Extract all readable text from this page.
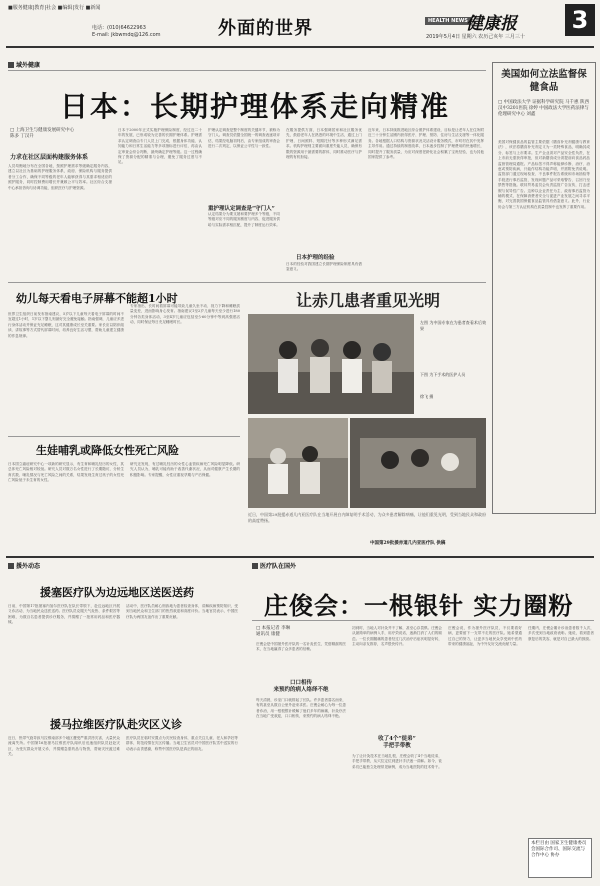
■服务健康|教育|社会 ■编辑|发行 ■新闻
电话：(010)64622963
E-mail: jkbwmdq@126.com	外面的世界	HEALTH NEWS
健康报 3
2019年5月4日 星期六 农历己亥年 三月三十
域外健康
日本：长期护理体系走向精准
□ 上海卫生与健康发展研究中心
陈多 丁汉升
力求在社区层面构建服务体系
人员均衡地分布在全国各地，按照护理需求等级确定服务内容，建立以社区为基础的护理服务体系，政府、保险机构与服务提供者分工合作，确保不同等级的老年人能够获得与其需求相适应的照护服务，同时控制费用增长并兼顾公平与效率。社区综合支援中心承担咨询与协调功能，组织医疗与护理资源。
日本于2000年正式实施护理保险制度，经过近二十年的发展，已形成较为完善的长期护理体系。护理需求认定调查由专门人员上门完成，根据身体功能、认知能力和日常生活能力等多项指标进行评估，再由认定审查会综合判断，最终确定护理等级。这一过程确保了资源分配的精准与合理，避免了服务过度与不足。
重护理认定调查是“守门人”
护理认定调查是整个制度的关键环节，被称为守门人。调查员依据全国统一的调查表逐项评估，结果经电脑初判后，由专家组成的审查会进行二次判定，以保证公平性与一致性。
认定结果分为要支援和要护理多个等级，不同等级对应不同的服务额度与内容，促进服务供给与实际需求相匹配，提升了制度运行效率。
在服务提供方面，日本强调居家和社区服务优先，鼓励老年人在熟悉的环境中生活，通过上门护理、日间照料、短期托付等多种形式满足需求。机构护理则主要面向重度失能人员，确保有限的资源用于最需要的群体，同时推动医疗与护理的有机衔接。
日本护理的经验
日本的经验对我国建立长期护理保险制度具有借鉴意义。
近年来，日本持续推进地区综合照护体系建设，目标是让老年人在住所附近三十分钟生活圈内获得医疗、护理、预防、住房与生活支援等一体化服务。各地根据人口结构与资源状况灵活设计服务模式，市町村在其中发挥主导作用。通过持续的制度改革，日本逐步控制了护理费用的快速增长，同时提升了服务质量，为应对深度老龄化社会积累了宝贵经验，也为其他国家提供了参考。
美国如何立法监督保健食品
□ 中国政法大学 证据科学研究院 马千惠 陕西汉中3201医院 徐婷 中国政法大学医药法律与伦理研究中心 刘鑫
美国对保健食品的监管主要依据《膳食补充剂健康与教育法》，该法将膳食补充剂定义为一类特殊食品，明确其成分、标签与上市要求。生产企业须对产品安全性负责，在上市前无需获得审批，但对新膳食成分须提前向食品药品监督管理局通报。产品标签不得声称能够诊断、治疗、治愈或预防疾病，只能作结构功能声明，并需附免责说明。监管部门通过现场检查、不良事件报告系统和市场抽检等手段进行事后监管，发现问题产品可采取警告、召回乃至禁售等措施。联邦贸易委员会负责监管广告宣传，打击虚假与误导性广告。这种以企业责任为主、政府事后监管为辅的模式，在保障消费者安全与促进产业发展之间寻求平衡，对完善我国保健食品监管具有借鉴意义。此外，行业协会与第三方认证机构在质量控制中也发挥了重要作用。
幼儿每天看电子屏幕不能超1小时
世界卫生组织日前发布指南建议，5岁以下儿童每天看电子屏幕的时间不宜超过1小时，1岁以下婴儿则最好完全避免接触。指南强调，儿童应多进行身体活动并保证充足睡眠，这对其健康成长至关重要。家长应以陪伴阅读、讲故事等方式替代屏幕时间，培养良好生活习惯，帮助儿童建立健康的作息规律。
专家指出，长时间看屏幕可能导致儿童久坐不动、视力下降和睡眠质量变差，进而影响身心发育。指南建议1至2岁儿童每天至少进行180分钟各类身体活动，3至4岁儿童应包括至少60分钟中等到高强度活动，同时保证每日充足睡眠时长。
生娃哺乳或降低女性死亡风险
日本国立癌症研究中心一项新的研究显示，有生育和哺乳经历的女性，其总体死亡风险相对较低。研究人员对数万名女性进行了长期随访，分析生育次数、哺乳情况与死亡风险之间的关系，结果发现生育过孩子的女性死亡风险低于未生育的女性。
研究还发现，有过哺乳经历的女性心血管疾病死亡风险明显降低。研究人员认为，哺乳可能有助于改善代谢状况，从而对健康产生长期的积极影响。专家提醒，女性应重视孕期与产后保健。
让赤几患者重见光明
左图 为中国专家在为患者查看术后效果
下图 为下手术的医护人员
徐飞 摄
近日，中国第29批援赤道几内亚医疗队在当地开展白内障复明手术活动，为众多患者解除病痛，让他们重见光明，受到当地民众和政府的高度赞扬。
中国第29批援赤道几内亚医疗队 供稿
援外动态	医疗队在国外
援塞医疗队为边远地区送医送药
日前，中国第17批援塞内加尔医疗队在队长带领下，赴边远地区开展义诊活动，为当地民众送医送药。医疗队员克服天气炎热、条件艰苦等困难，为数百名患者提供诊疗服务，并捐赠了一批常用药品和医疗器械。
活动中，医疗队员耐心细致地为患者检查身体，讲解疾病预防知识，受到当地民众和卫生部门的热烈欢迎和高度评价。当地官员表示，中国医疗队为两国友谊作出了重要贡献。
援马拉维医疗队赴灾区义诊
近日，热带气旋导致马拉维南部多个地区遭受严重洪涝灾害，大量民众流离失所。中国第16批援马拉维医疗队闻讯后迅速组织队员赶赴灾区，为受灾群众开展义诊，并捐赠急需药品与物资，帮助灾民渡过难关。
医疗队员在临时安置点为灾民检查身体，重点关注儿童、老人和孕妇等群体，防范疫情在灾区传播。当地卫生官员对中国医疗队雪中送炭的行动表示由衷感谢，称赞中国医疗队是真正的朋友。
庄俊会：一根银针 实力圈粉
□ 本报记者 李琳
通讯员 康健
庄俊会是中国援外医疗队的一名针灸医生，凭借精湛的医术，在当地赢得了众多患者的信赖。
口口相传
来预约的病人络绎不绝
每天清晨，诊室门口就排起了长队。许多患者慕名而来，有的甚至从数百公里外赶来求医。庄俊会耐心为每一位患者诊治，用一根根银针缓解了他们多年的病痛，针灸疗法在当地广受欢迎，口口相传，来预约的病人络绎不绝。
初到时，当地人对针灸并不了解，甚至心存畏惧。庄俊会从最简单的病例入手，用疗效说话，逐渐打消了人们的顾虑。一位长期腰痛的患者经过几次治疗后症状明显好转，主动向亲友推荐，名声很快传开。
收了4个“徒弟”
手把手带教
为了让针灸技术在当地扎根，庄俊会收了4个当地徒弟，手把手带教，从穴位定位到进针手法逐一讲解。如今，徒弟们已能独立处理常见病例，成为当地医院的技术骨干。
庄俊会说，作为援外医疗队员，不仅要看好病，更要留下一支带不走的医疗队。她希望通过自己的努力，让更多当地民众享受到中医药带来的健康福祉，为中外友好交流贡献力量。
任期内，庄俊会累计诊治患者数千人次，多次受到当地政府表彰。她说，看到患者康复后的笑容，就是对自己最大的鼓励。
本栏目由 国家卫生健康委员会国际合作司、国际交流与合作中心 协办
